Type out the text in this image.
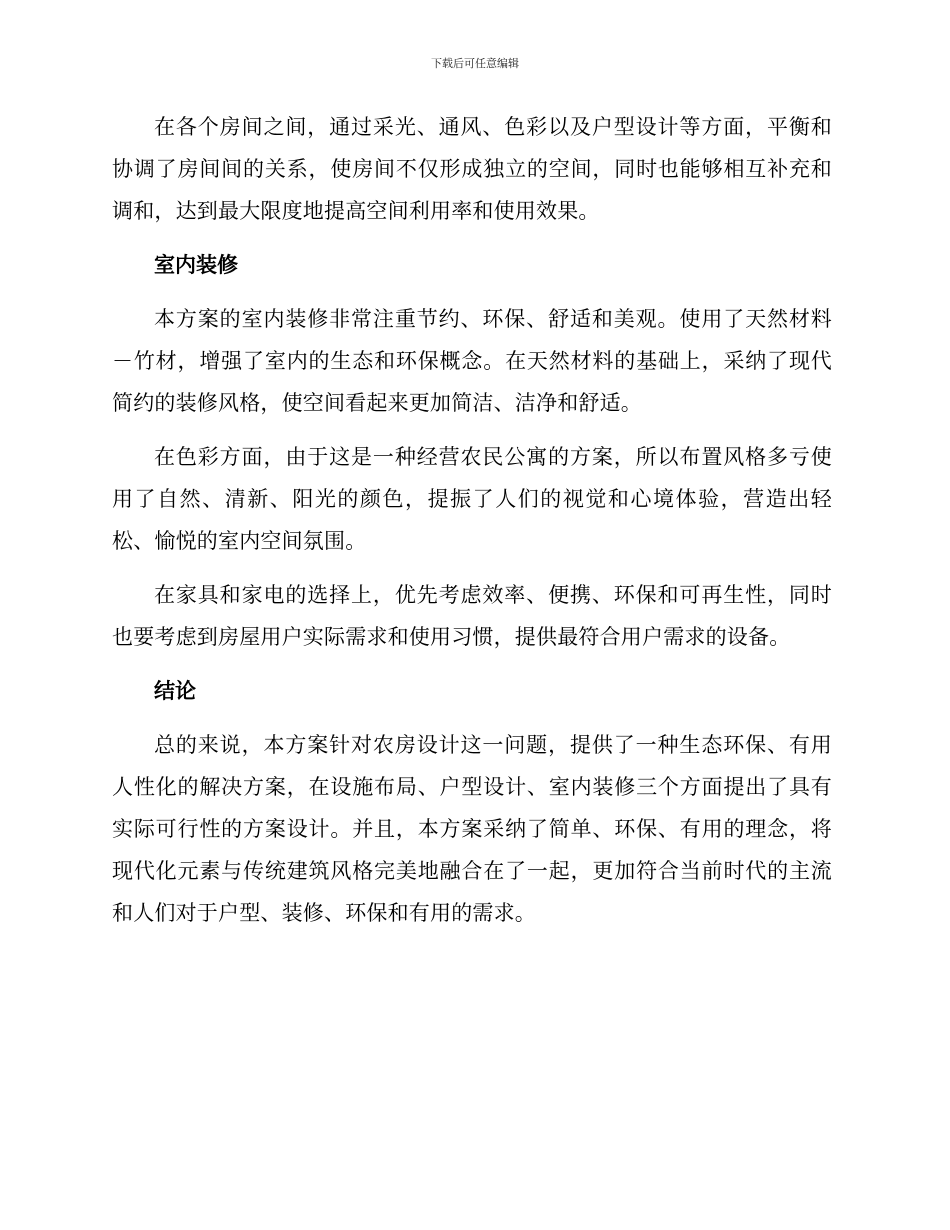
下载后可任意编辑

在各个房间之间，通过采光、通风、色彩以及户型设计等方面，平衡和协调了房间间的关系，使房间不仅形成独立的空间，同时也能够相互补充和调和，达到最大限度地提高空间利用率和使用效果。

室内装修

本方案的室内装修非常注重节约、环保、舒适和美观。使用了天然材料－竹材，增强了室内的生态和环保概念。在天然材料的基础上，采纳了现代简约的装修风格，使空间看起来更加简洁、洁净和舒适。

在色彩方面，由于这是一种经营农民公寓的方案，所以布置风格多亏使用了自然、清新、阳光的颜色，提振了人们的视觉和心境体验，营造出轻松、愉悦的室内空间氛围。

在家具和家电的选择上，优先考虑效率、便携、环保和可再生性，同时也要考虑到房屋用户实际需求和使用习惯，提供最符合用户需求的设备。

结论

总的来说，本方案针对农房设计这一问题，提供了一种生态环保、有用人性化的解决方案，在设施布局、户型设计、室内装修三个方面提出了具有实际可行性的方案设计。并且，本方案采纳了简单、环保、有用的理念，将现代化元素与传统建筑风格完美地融合在了一起，更加符合当前时代的主流和人们对于户型、装修、环保和有用的需求。
